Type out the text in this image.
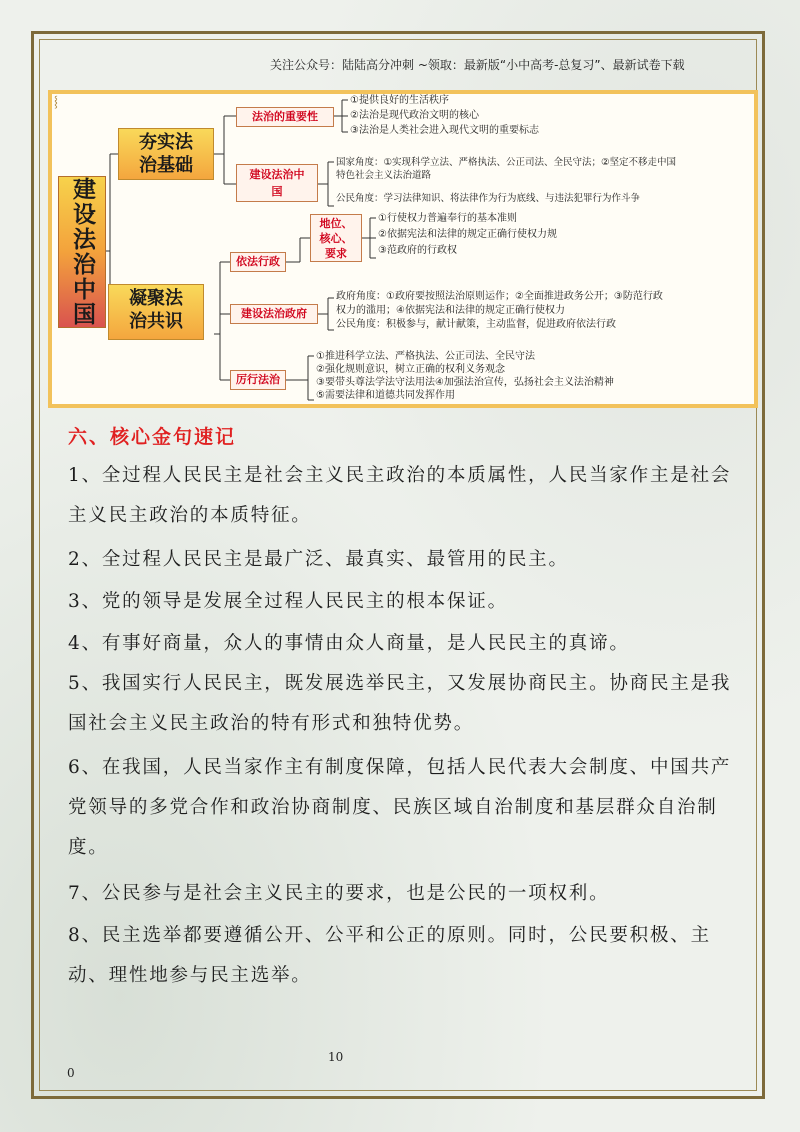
关注公众号：陆陆高分冲刺 ~领取：最新版“小中高考-总复习”、最新试卷下载
⸾
建设法治中国
夯实法
治基础
凝聚法
治共识
法治的重要性
①提供良好的生活秩序
②法治是现代政治文明的核心
③法治是人类社会进入现代文明的重要标志
建设法治中
国
国家角度：①实现科学立法、严格执法、公正司法、全民守法；②坚定不移走中国
特色社会主义法治道路
公民角度：学习法律知识、将法律作为行为底线、与违法犯罪行为作斗争
依法行政
地位、
核心、
要求
①行使权力普遍奉行的基本准则
②依据宪法和法律的规定正确行使权力规
③范政府的行政权
建设法治政府
政府角度：①政府要按照法治原则运作；②全面推进政务公开；③防范行政
权力的滥用；④依据宪法和法律的规定正确行使权力
公民角度：积极参与，献计献策，主动监督，促进政府依法行政
厉行法治
①推进科学立法、严格执法、公正司法、全民守法
②强化规则意识，树立正确的权利义务观念
③要带头尊法学法守法用法④加强法治宣传，弘扬社会主义法治精神
⑤需要法律和道德共同发挥作用
六、核心金句速记
1、全过程人民民主是社会主义民主政治的本质属性，人民当家作主是社会主义民主政治的本质特征。
2、全过程人民民主是最广泛、最真实、最管用的民主。
3、党的领导是发展全过程人民民主的根本保证。
4、有事好商量，众人的事情由众人商量，是人民民主的真谛。
5、我国实行人民民主，既发展选举民主，又发展协商民主。协商民主是我国社会主义民主政治的特有形式和独特优势。
6、在我国，人民当家作主有制度保障，包括人民代表大会制度、中国共产党领导的多党合作和政治协商制度、民族区域自治制度和基层群众自治制度。
7、公民参与是社会主义民主的要求，也是公民的一项权利。
8、民主选举都要遵循公开、公平和公正的原则。同时，公民要积极、主动、理性地参与民主选举。
10
0
